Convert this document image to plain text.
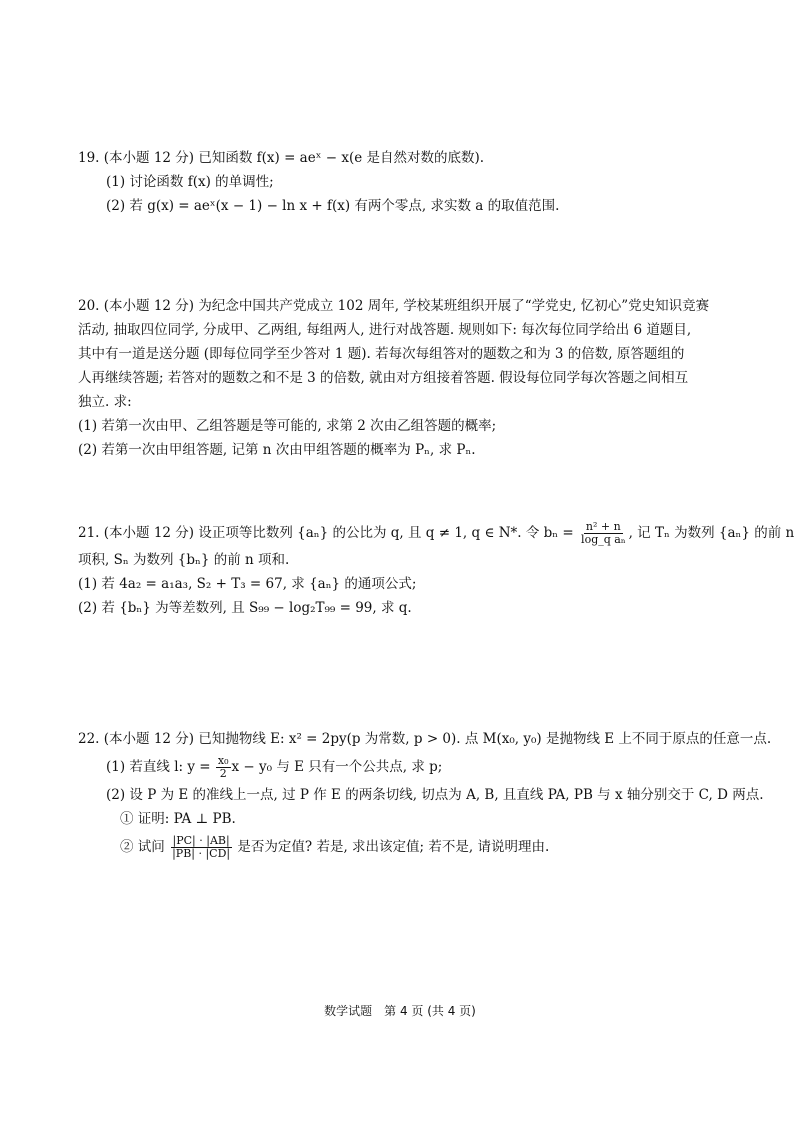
19. (本小题 12 分) 已知函数 f(x) = aeˣ − x(e 是自然对数的底数).
(1) 讨论函数 f(x) 的单调性;
(2) 若 g(x) = aeˣ(x − 1) − ln x + f(x) 有两个零点, 求实数 a 的取值范围.
20. (本小题 12 分) 为纪念中国共产党成立 102 周年, 学校某班组织开展了“学党史, 忆初心”党史知识竞赛
活动, 抽取四位同学, 分成甲、乙两组, 每组两人, 进行对战答题. 规则如下: 每次每位同学给出 6 道题目,
其中有一道是送分题 (即每位同学至少答对 1 题). 若每次每组答对的题数之和为 3 的倍数, 原答题组的
人再继续答题; 若答对的题数之和不是 3 的倍数, 就由对方组接着答题. 假设每位同学每次答题之间相互
独立. 求:
(1) 若第一次由甲、乙组答题是等可能的, 求第 2 次由乙组答题的概率;
(2) 若第一次由甲组答题, 记第 n 次由甲组答题的概率为 Pₙ, 求 Pₙ.
21. (本小题 12 分) 设正项等比数列 {aₙ} 的公比为 q, 且 q ≠ 1, q ∈ N*. 令 $b_n = \frac{\text{n² + n}}{\text{log\_q aₙ}}$ , 记 Tₙ 为数列 {aₙ} 的前 n
项积, Sₙ 为数列 {bₙ} 的前 n 项和.
(1) 若 4a₂ = a₁a₃, S₂ + T₃ = 67, 求 {aₙ} 的通项公式;
(2) 若 {bₙ} 为等差数列, 且 S₉₉ − log₂T₉₉ = 99, 求 q.
22. (本小题 12 分) 已知抛物线 E: x² = 2py(p 为常数, p > 0). 点 M(x₀, y₀) 是抛物线 E 上不同于原点的任意一点.
(1) 若直线 l: $y = \frac{\text{x₀}}{2}$ x − y₀ 与 E 只有一个公共点, 求 p;
(2) 设 P 为 E 的准线上一点, 过 P 作 E 的两条切线, 切点为 A, B, 且直线 PA, PB 与 x 轴分别交于 C, D 两点.
① 证明: PA ⊥ PB.
② 试问 $\frac{|PC| \cdot |AB|}{|PB| \cdot |CD|}$ 是否为定值? 若是, 求出该定值; 若不是, 请说明理由.
数学试题　第 4 页 (共 4 页)
